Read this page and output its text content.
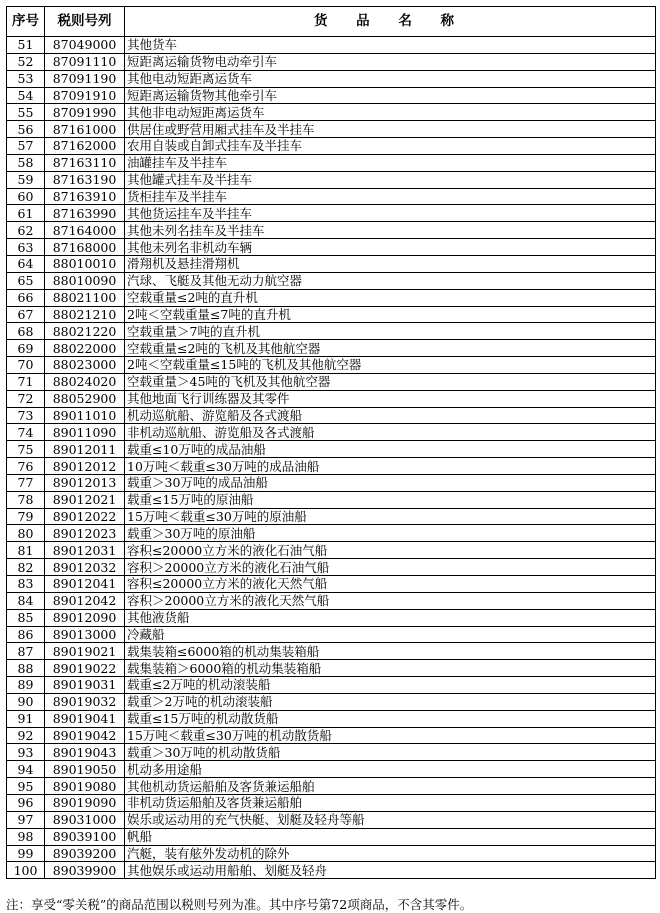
序号	税则号列	货 品 名 称
51	87049000	其他货车
52	87091110	短距离运输货物电动牵引车
53	87091190	其他电动短距离运货车
54	87091910	短距离运输货物其他牵引车
55	87091990	其他非电动短距离运货车
56	87161000	供居住或野营用厢式挂车及半挂车
57	87162000	农用自装或自卸式挂车及半挂车
58	87163110	油罐挂车及半挂车
59	87163190	其他罐式挂车及半挂车
60	87163910	货柜挂车及半挂车
61	87163990	其他货运挂车及半挂车
62	87164000	其他未列名挂车及半挂车
63	87168000	其他未列名非机动车辆
64	88010010	滑翔机及悬挂滑翔机
65	88010090	汽球、飞艇及其他无动力航空器
66	88021100	空载重量≤2吨的直升机
67	88021210	2吨＜空载重量≤7吨的直升机
68	88021220	空载重量＞7吨的直升机
69	88022000	空载重量≤2吨的飞机及其他航空器
70	88023000	2吨＜空载重量≤15吨的飞机及其他航空器
71	88024020	空载重量＞45吨的飞机及其他航空器
72	88052900	其他地面飞行训练器及其零件
73	89011010	机动巡航船、游览船及各式渡船
74	89011090	非机动巡航船、游览船及各式渡船
75	89012011	载重≤10万吨的成品油船
76	89012012	10万吨＜载重≤30万吨的成品油船
77	89012013	载重＞30万吨的成品油船
78	89012021	载重≤15万吨的原油船
79	89012022	15万吨＜载重≤30万吨的原油船
80	89012023	载重＞30万吨的原油船
81	89012031	容积≤20000立方米的液化石油气船
82	89012032	容积＞20000立方米的液化石油气船
83	89012041	容积≤20000立方米的液化天然气船
84	89012042	容积＞20000立方米的液化天然气船
85	89012090	其他液货船
86	89013000	冷藏船
87	89019021	载集装箱≤6000箱的机动集装箱船
88	89019022	载集装箱＞6000箱的机动集装箱船
89	89019031	载重≤2万吨的机动滚装船
90	89019032	载重＞2万吨的机动滚装船
91	89019041	载重≤15万吨的机动散货船
92	89019042	15万吨＜载重≤30万吨的机动散货船
93	89019043	载重＞30万吨的机动散货船
94	89019050	机动多用途船
95	89019080	其他机动货运船舶及客货兼运船舶
96	89019090	非机动货运船舶及客货兼运船舶
97	89031000	娱乐或运动用的充气快艇、划艇及轻舟等船
98	89039100	帆船
99	89039200	汽艇，装有舷外发动机的除外
100	89039900	其他娱乐或运动用船舶、划艇及轻舟
注：享受“零关税”的商品范围以税则号列为准。其中序号第72项商品，不含其零件。
